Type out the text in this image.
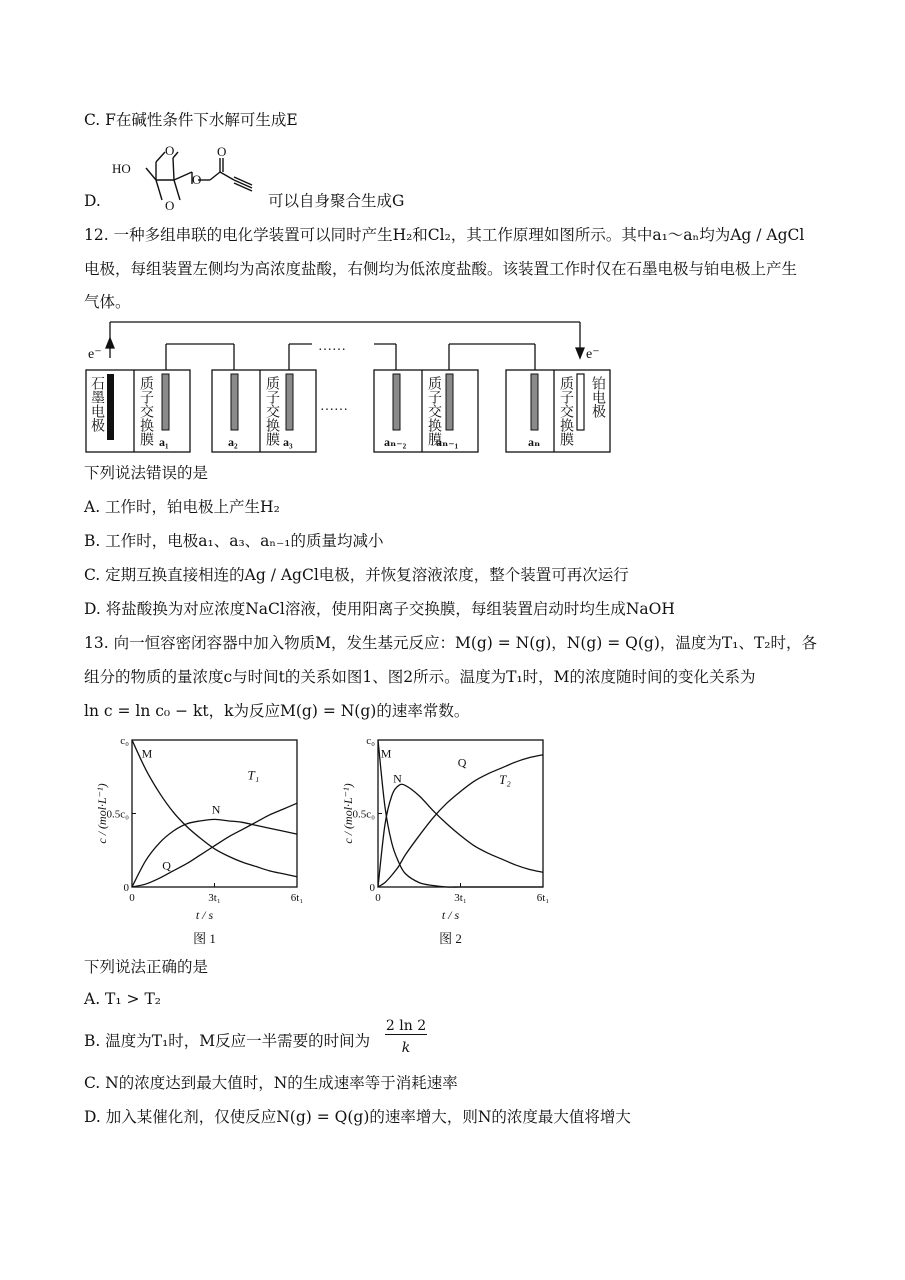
C. F在碱性条件下水解可生成E
D.
HO
O
O
O
O
可以自身聚合生成G
12. 一种多组串联的电化学装置可以同时产生H₂和Cl₂，其工作原理如图所示。其中a₁～aₙ均为Ag / AgCl
电极，每组装置左侧均为高浓度盐酸，右侧均为低浓度盐酸。该装置工作时仅在石墨电极与铂电极上产生
气体。
e⁻	e⁻
……
……
a₁	a₂	a₃	aₙ₋₂ aₙ₋₁	aₙ
石墨电极 质子交换膜	质子交换膜	质子交换膜	质子交换膜 铂电极
下列说法错误的是
A. 工作时，铂电极上产生H₂
B. 工作时，电极a₁、a₃、aₙ₋₁的质量均减小
C. 定期互换直接相连的Ag / AgCl电极，并恢复溶液浓度，整个装置可再次运行
D. 将盐酸换为对应浓度NaCl溶液，使用阳离子交换膜，每组装置启动时均生成NaOH
13. 向一恒容密闭容器中加入物质M，发生基元反应：M(g) = N(g)，N(g) = Q(g)，温度为T₁、T₂时，各
组分的物质的量浓度c与时间t的关系如图1、图2所示。温度为T₁时，M的浓度随时间的变化关系为
ln c = ln c₀ − kt，k为反应M(g) = N(g)的速率常数。
0
0.5c₀
c₀
0	3t₁	6t₁
t / s
c / (mol·L⁻¹)
M
N
Q
T₁
图 1
0
0.5c₀
c₀
0	3t₁	6t₁
t / s
c / (mol·L⁻¹)
M
N
Q
T₂
图 2
下列说法正确的是
A. T₁ > T₂
B. 温度为T₁时，M反应一半需要的时间为
2 ln 2
k
C. N的浓度达到最大值时，N的生成速率等于消耗速率
D. 加入某催化剂，仅使反应N(g) = Q(g)的速率增大，则N的浓度最大值将增大
